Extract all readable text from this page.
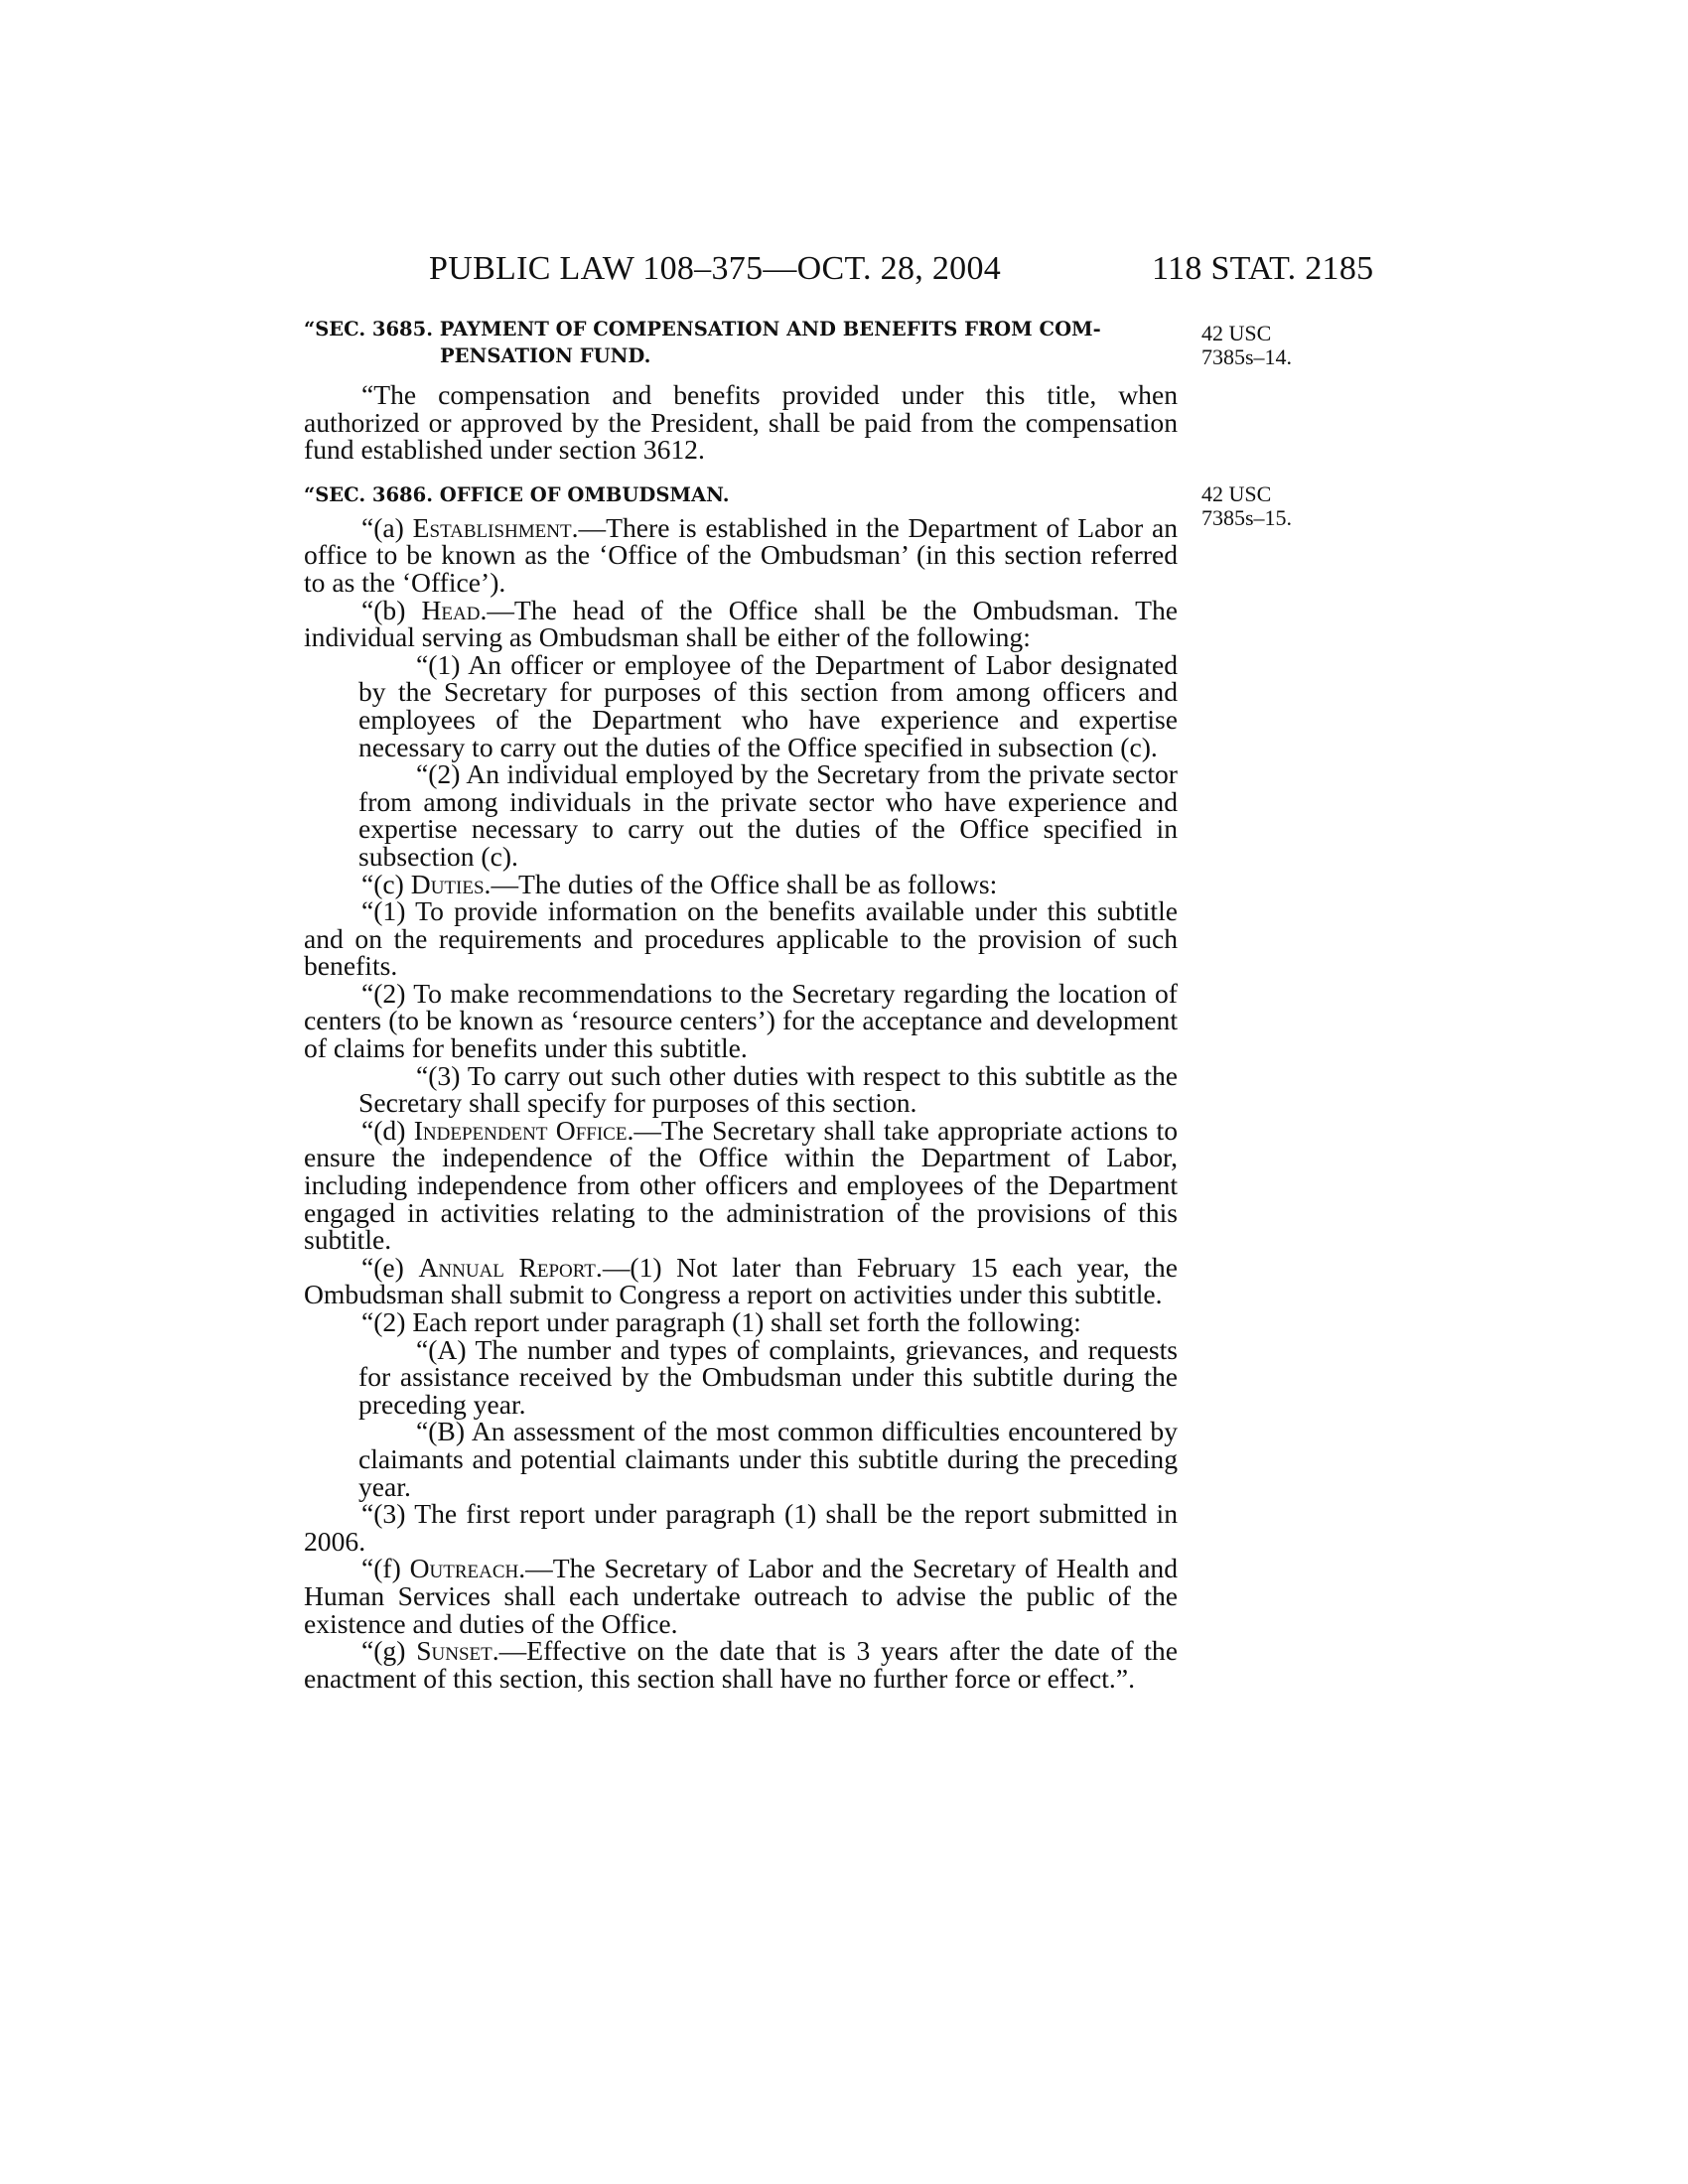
PUBLIC LAW 108–375—OCT. 28, 2004	118 STAT. 2185
42 USC
7385s–14.
42 USC
7385s–15.

“SEC. 3685. PAYMENT OF COMPENSATION AND BENEFITS FROM COM-
PENSATION FUND.

“The compensation and benefits provided under this title, when authorized or approved by the President, shall be paid from the compensation fund established under section 3612.

“SEC. 3686. OFFICE OF OMBUDSMAN.

“(a) Establishment.—There is established in the Department of Labor an office to be known as the ‘Office of the Ombudsman’ (in this section referred to as the ‘Office’).

“(b) Head.—The head of the Office shall be the Ombudsman. The individual serving as Ombudsman shall be either of the following:

“(1) An officer or employee of the Department of Labor designated by the Secretary for purposes of this section from among officers and employees of the Department who have experience and expertise necessary to carry out the duties of the Office specified in subsection (c).

“(2) An individual employed by the Secretary from the private sector from among individuals in the private sector who have experience and expertise necessary to carry out the duties of the Office specified in subsection (c).

“(c) Duties.—The duties of the Office shall be as follows:

“(1) To provide information on the benefits available under this subtitle and on the requirements and procedures applicable to the provision of such benefits.

“(2) To make recommendations to the Secretary regarding the location of centers (to be known as ‘resource centers’) for the acceptance and development of claims for benefits under this subtitle.

“(3) To carry out such other duties with respect to this subtitle as the Secretary shall specify for purposes of this section.

“(d) Independent Office.—The Secretary shall take appropriate actions to ensure the independence of the Office within the Department of Labor, including independence from other officers and employees of the Department engaged in activities relating to the administration of the provisions of this subtitle.

“(e) Annual Report.—(1) Not later than February 15 each year, the Ombudsman shall submit to Congress a report on activities under this subtitle.

“(2) Each report under paragraph (1) shall set forth the following:

“(A) The number and types of complaints, grievances, and requests for assistance received by the Ombudsman under this subtitle during the preceding year.

“(B) An assessment of the most common difficulties encountered by claimants and potential claimants under this subtitle during the preceding year.

“(3) The first report under paragraph (1) shall be the report submitted in 2006.

“(f) Outreach.—The Secretary of Labor and the Secretary of Health and Human Services shall each undertake outreach to advise the public of the existence and duties of the Office.

“(g) Sunset.—Effective on the date that is 3 years after the date of the enactment of this section, this section shall have no further force or effect.”.
